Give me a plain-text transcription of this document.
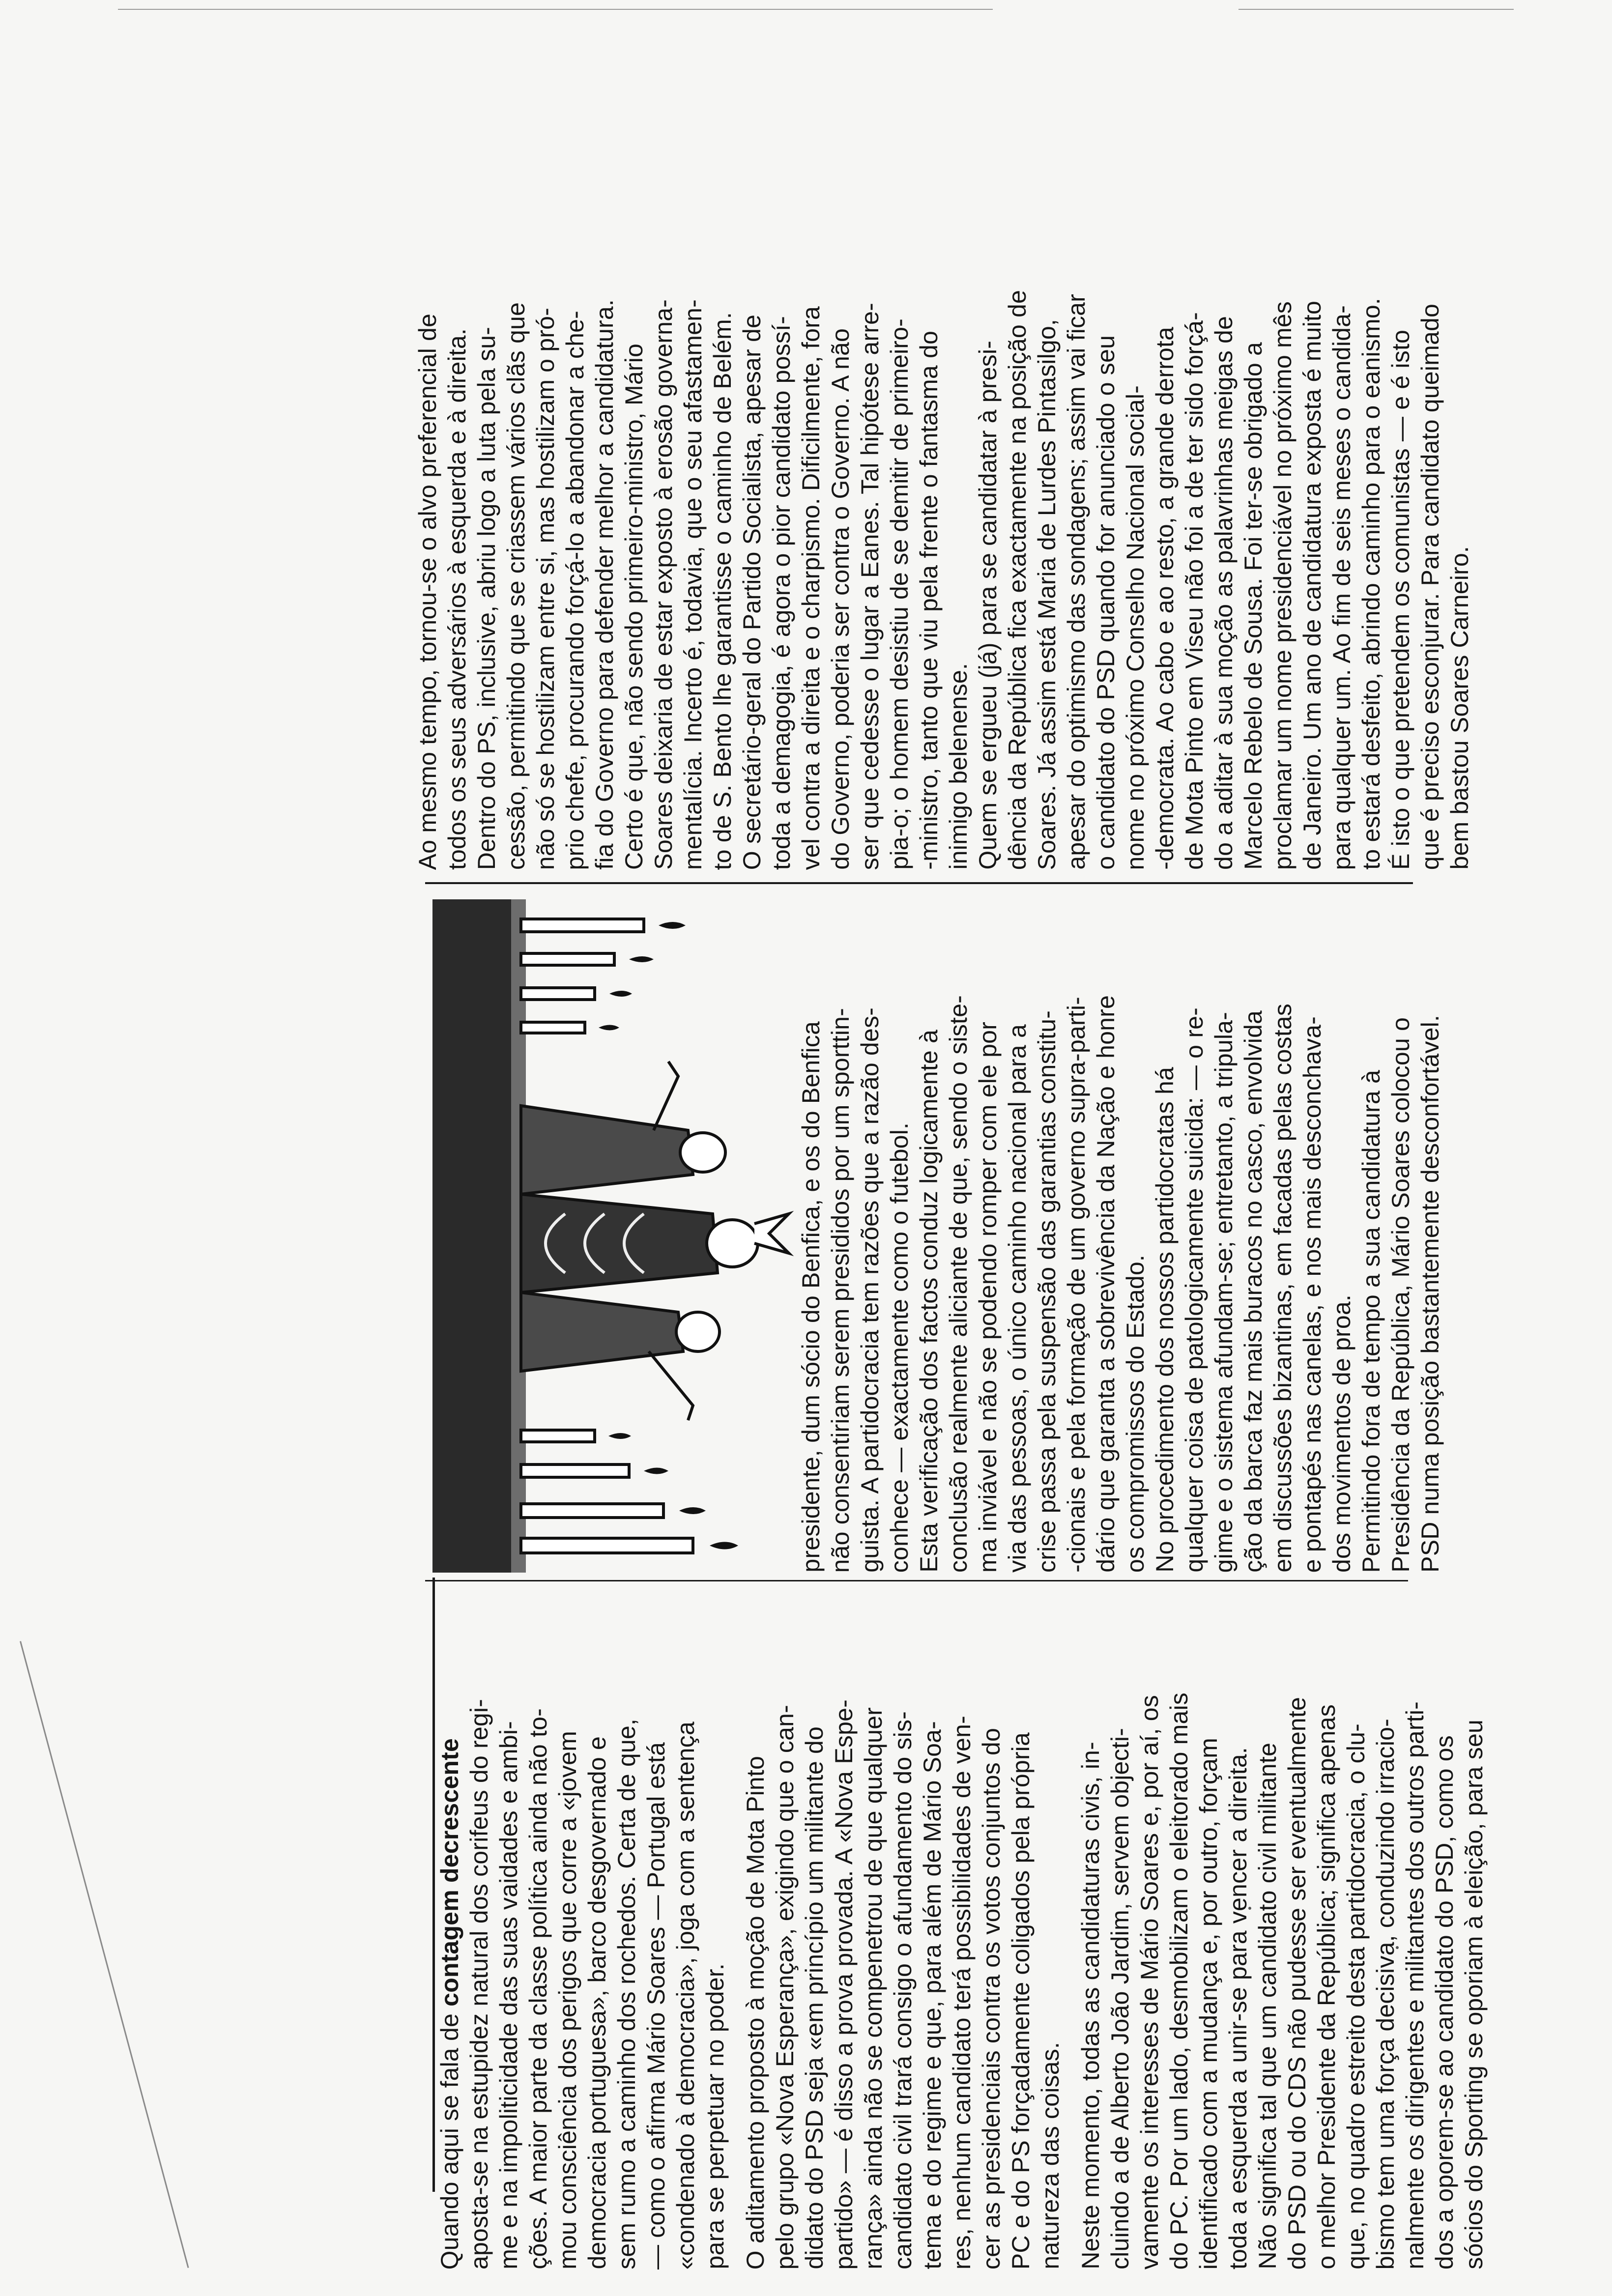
Quando aqui se fala de contagem decrescente aposta-se na estupidez natural dos corifeus do regi- me e na impoliticidade das suas vaidades e ambi- ções. A maior parte da classe política ainda não to- mou consciência dos perigos que corre a «jovem democracia portuguesa», barco desgovernado e sem rumo a caminho dos rochedos. Certa de que, — como o afirma Mário Soares — Portugal está «condenado à democracia», joga com a sentença para se perpetuar no poder. O aditamento proposto à moção de Mota Pinto pelo grupo «Nova Esperança», exigindo que o can- didato do PSD seja «em princípio um militante do partido» — é disso a prova provada. A «Nova Espe- rança» ainda não se compenetrou de que qualquer candidato civil trará consigo o afundamento do sis- tema e do regime e que, para além de Mário Soa- res, nenhum candidato terá possibilidades de ven- cer as presidenciais contra os votos conjuntos do PC e do PS forçadamente coligados pela própria natureza das coisas. Neste momento, todas as candidaturas civis, in- cluindo a de Alberto João Jardim, servem objecti- vamente os interesses de Mário Soares e, por aí, os do PC. Por um lado, desmobilizam o eleitorado mais identificado com a mudança e, por outro, forçam toda a esquerda a unir-se para vencer a direita. Não significa tal que um candidato civil militante do PSD ou do CDS não pudesse ser eventualmente o melhor Presidente da República; significa apenas que, no quadro estreito desta partidocracia, o clu- bismo tem uma força decisiva, conduzindo irracio- nalmente os dirigentes e militantes dos outros parti- dos a oporem-se ao candidato do PSD, como os sócios do Sporting se oporiam à eleição, para seu

presidente, dum sócio do Benfica, e os do Benfica não consentiriam serem presididos por um sporttin- guista. A partidocracia tem razões que a razão des- conhece — exactamente como o futebol. Esta verificação dos factos conduz logicamente à conclusão realmente aliciante de que, sendo o siste- ma inviável e não se podendo romper com ele por via das pessoas, o único caminho nacional para a crise passa pela suspensão das garantias constitu- -cionais e pela formação de um governo supra-parti- dário que garanta a sobrevivência da Nação e honre os compromissos do Estado. No procedimento dos nossos partidocratas há qualquer coisa de patologicamente suicida: — o re- gime e o sistema afundam-se; entretanto, a tripula- ção da barca faz mais buracos no casco, envolvida em discussões bizantinas, em facadas pelas costas e pontapés nas canelas, e nos mais desconchava- dos movimentos de proa. Permitindo fora de tempo a sua candidatura à Presidência da República, Mário Soares colocou o PSD numa posição bastantemente desconfortável.

Ao mesmo tempo, tornou-se o alvo preferencial de todos os seus adversários à esquerda e à direita. Dentro do PS, inclusive, abriu logo a luta pela su- cessão, permitindo que se criassem vários clãs que não só se hostilizam entre si, mas hostilizam o pró- prio chefe, procurando forçá-lo a abandonar a che- fia do Governo para defender melhor a candidatura. Certo é que, não sendo primeiro-ministro, Mário Soares deixaria de estar exposto à erosão governa- mentalícia. Incerto é, todavia, que o seu afastamen- to de S. Bento lhe garantisse o caminho de Belém. O secretário-geral do Partido Socialista, apesar de toda a demagogia, é agora o pior candidato possí- vel contra a direita e o charpismo. Dificilmente, fora do Governo, poderia ser contra o Governo. A não ser que cedesse o lugar a Eanes. Tal hipótese arre- pia-o; o homem desistiu de se demitir de primeiro- -ministro, tanto que viu pela frente o fantasma do inimigo belenense. Quem se ergueu (já) para se candidatar à presi- dência da República fica exactamente na posição de Soares. Já assim está Maria de Lurdes Pintasilgo, apesar do optimismo das sondagens; assim vai ficar o candidato do PSD quando for anunciado o seu nome no próximo Conselho Nacional social- -democrata. Ao cabo e ao resto, a grande derrota de Mota Pinto em Viseu não foi a de ter sido forçá- do a aditar à sua moção as palavrinhas meigas de Marcelo Rebelo de Sousa. Foi ter-se obrigado a proclamar um nome presidenciável no próximo mês de Janeiro. Um ano de candidatura exposta é muito para qualquer um. Ao fim de seis meses o candida- to estará desfeito, abrindo caminho para o eanismo. É isto o que pretendem os comunistas — e é isto que é preciso esconjurar. Para candidato queimado bem bastou Soares Carneiro.
